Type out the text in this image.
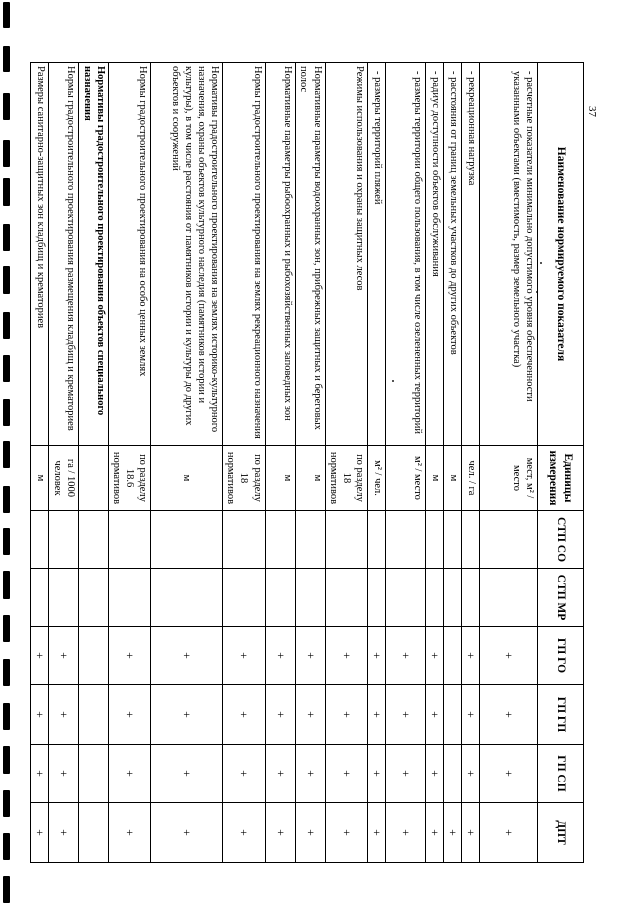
37
Наименование нормируемого показателя	Единицы измерения	СТП СО	СТП МР	ГП ГО	ГП ГП	ГП СП	ДПТ
- расчетные показатели минимально допустимого уровня обеспеченности указанными объектами (вместимость, размер земельного участка)	мест, м² / место			+	+	+	+
- рекреационная нагрузка	чел. / га			+	+	+	+
- расстояния от границ земельных участков до других объектов	м						+
- радиус доступности объектов обслуживания	м			+	+	+	+
- размеры территории общего пользования, в том числе озелененных территорий	м² / место			+	+	+	+
- размеры территорий пляжей	м² / чел.			+	+	+	+
Режимы использования и охраны защитных лесов	по разделу 18 нормативов			+	+	+	+
Нормативные параметры водоохранных зон, прибрежных защитных и береговых полос	м			+	+	+	+
Нормативные параметры рыбоохранных и рыбохозяйственных заповедных зон	м			+	+	+	+
Нормы градостроительного проектирования на землях рекреационного назначения	по разделу 18 нормативов			+	+	+	+
Нормативы градостроительного проектирования на землях историко-культурного назначения, охраны объектов культурного наследия (памятников истории и культуры), в том числе расстояния от памятников истории и культуры до других объектов и сооружений	м			+	+	+	+
Нормы градостроительного проектирования на особо ценных землях	по разделу 18.6 нормативов			+	+	+	+
Нормативы градостроительного проектирования объектов специального назначения							
Нормы градостроительного проектирования размещения кладбищ и крематориев	га / 1000 человек			+	+	+	+
Размеры санитарно-защитных зон кладбищ и крематориев	м			+	+	+	+
